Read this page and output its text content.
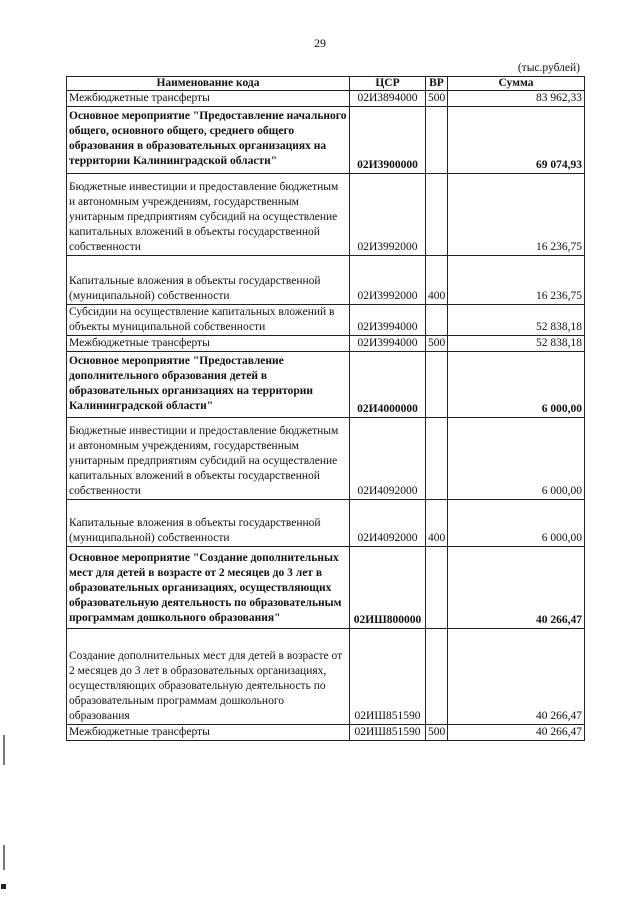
29
(тыс.рублей)
Наименование кода	ЦСР	ВР	Сумма
Межбюджетные трансферты	02И3894000	500	83 962,33
Основное мероприятие "Предоставление начального общего, основного общего, среднего общего образования в образовательных организациях на территории Калининградской области"	02И3900000		69 074,93
Бюджетные инвестиции и предоставление бюджетным и автономным учреждениям, государственным унитарным предприятиям субсидий на осуществление капитальных вложений в объекты государственной собственности	02И3992000		16 236,75
Капитальные вложения в объекты государственной (муниципальной) собственности	02И3992000	400	16 236,75
Субсидии на осуществление капитальных вложений в объекты муниципальной собственности	02И3994000		52 838,18
Межбюджетные трансферты	02И3994000	500	52 838,18
Основное мероприятие "Предоставление дополнительного образования детей в образовательных организациях на территории Калининградской области"	02И4000000		6 000,00
Бюджетные инвестиции и предоставление бюджетным и автономным учреждениям, государственным унитарным предприятиям субсидий на осуществление капитальных вложений в объекты государственной собственности	02И4092000		6 000,00
Капитальные вложения в объекты государственной (муниципальной) собственности	02И4092000	400	6 000,00
Основное мероприятие "Создание дополнительных мест для детей в возрасте от 2 месяцев до 3 лет в образовательных организациях, осуществляющих образовательную деятельность по образовательным программам дошкольного образования"	02ИШ800000		40 266,47
Создание дополнительных мест для детей в возрасте от 2 месяцев до 3 лет в образовательных организациях, осуществляющих образовательную деятельность по образовательным программам дошкольного образования	02ИШ851590		40 266,47
Межбюджетные трансферты	02ИШ851590	500	40 266,47
